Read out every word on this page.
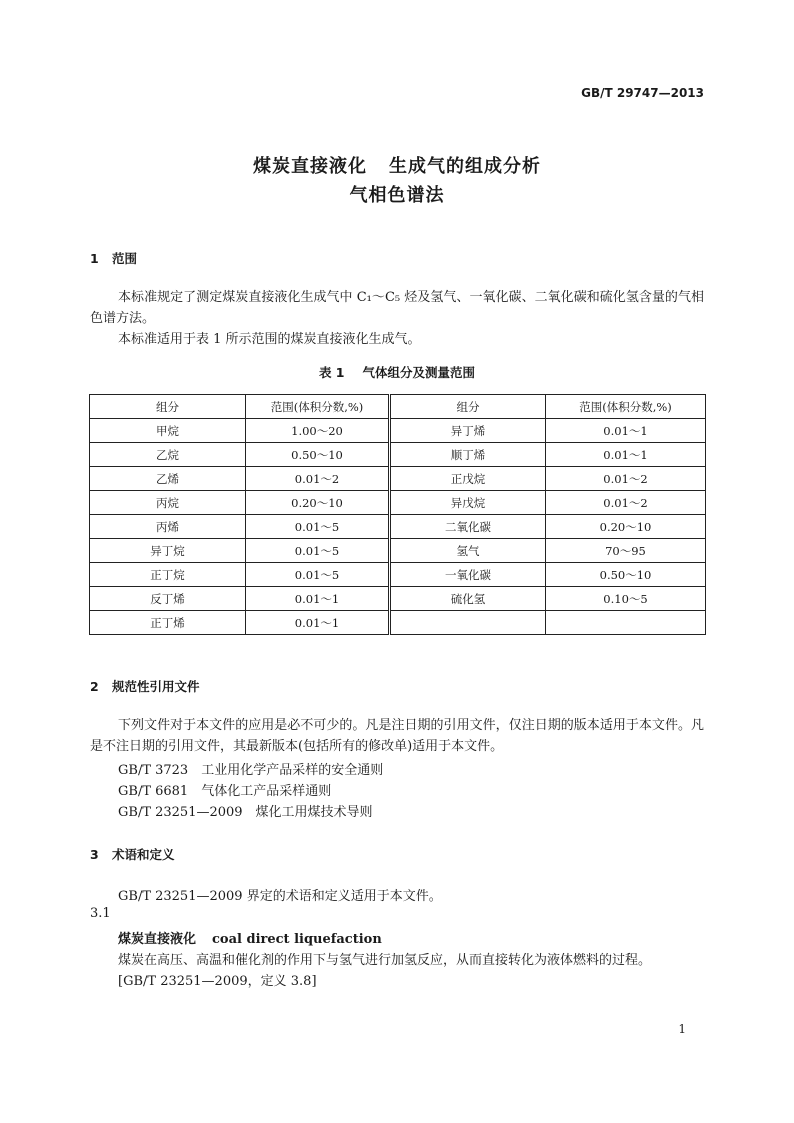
GB/T 29747—2013
煤炭直接液化 生成气的组成分析
气相色谱法
1 范围
本标准规定了测定煤炭直接液化生成气中 C₁～C₅ 烃及氢气、一氧化碳、二氧化碳和硫化氢含量的气相色谱方法。
本标准适用于表 1 所示范围的煤炭直接液化生成气。
表 1 气体组分及测量范围
组分	范围(体积分数,%)	组分	范围(体积分数,%)
甲烷	1.00～20	异丁烯	0.01～1
乙烷	0.50～10	顺丁烯	0.01～1
乙烯	0.01～2	正戊烷	0.01～2
丙烷	0.20～10	异戊烷	0.01～2
丙烯	0.01～5	二氧化碳	0.20～10
异丁烷	0.01～5	氢气	70～95
正丁烷	0.01～5	一氧化碳	0.50～10
反丁烯	0.01～1	硫化氢	0.10～5
正丁烯	0.01～1		
2 规范性引用文件
下列文件对于本文件的应用是必不可少的。凡是注日期的引用文件，仅注日期的版本适用于本文件。凡是不注日期的引用文件，其最新版本(包括所有的修改单)适用于本文件。
GB/T 3723　工业用化学产品采样的安全通则
GB/T 6681　气体化工产品采样通则
GB/T 23251—2009　煤化工用煤技术导则
3 术语和定义
GB/T 23251—2009 界定的术语和定义适用于本文件。
3.1
煤炭直接液化 coal direct liquefaction
煤炭在高压、高温和催化剂的作用下与氢气进行加氢反应，从而直接转化为液体燃料的过程。
[GB/T 23251—2009，定义 3.8]
1
